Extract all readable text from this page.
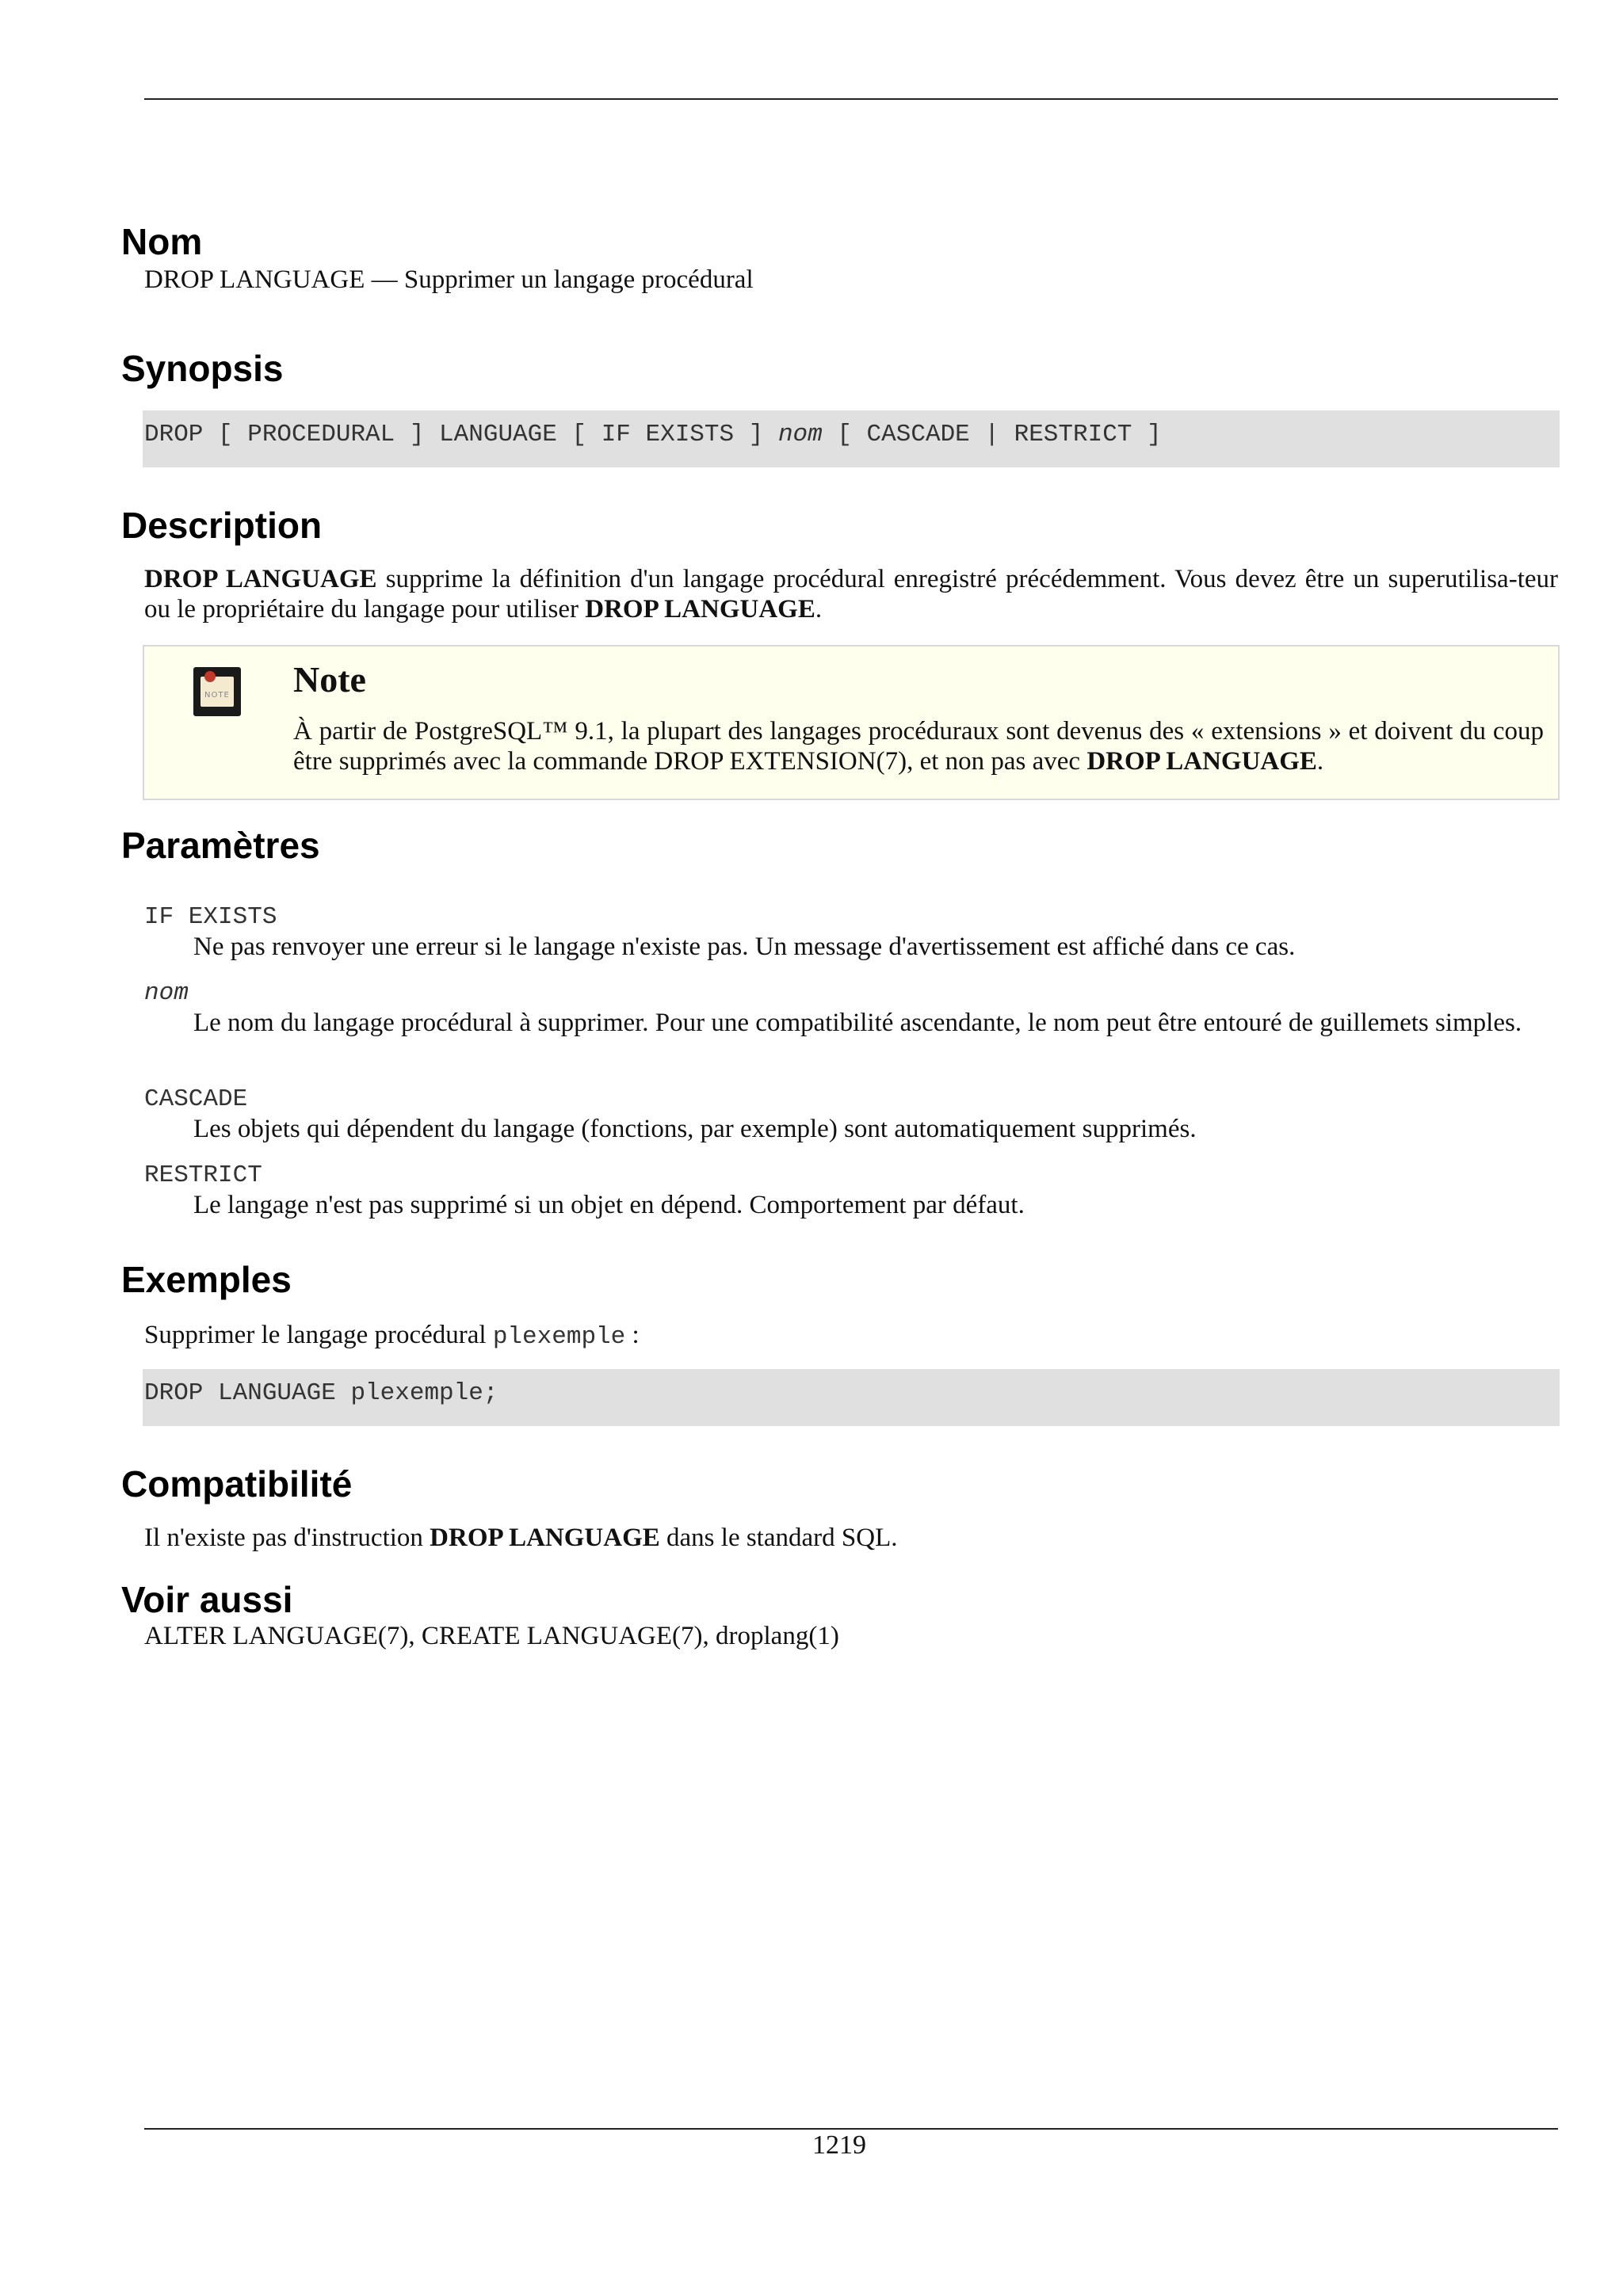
Nom

DROP LANGUAGE — Supprimer un langage procédural

Synopsis
DROP [ PROCEDURAL ] LANGUAGE [ IF EXISTS ] nom [ CASCADE | RESTRICT ]
Description

DROP LANGUAGE supprime la définition d'un langage procédural enregistré précédemment. Vous devez être un superutilisa-teur ou le propriétaire du langage pour utiliser DROP LANGUAGE.

NOTE Note

À partir de PostgreSQL™ 9.1, la plupart des langages procéduraux sont devenus des « extensions » et doivent du coup être supprimés avec la commande DROP EXTENSION(7), et non pas avec DROP LANGUAGE.

Paramètres
IF EXISTS

Ne pas renvoyer une erreur si le langage n'existe pas. Un message d'avertissement est affiché dans ce cas.

nom

Le nom du langage procédural à supprimer. Pour une compatibilité ascendante, le nom peut être entouré de guillemets simples.

CASCADE

Les objets qui dépendent du langage (fonctions, par exemple) sont automatiquement supprimés.

RESTRICT

Le langage n'est pas supprimé si un objet en dépend. Comportement par défaut.

Exemples

Supprimer le langage procédural plexemple :

DROP LANGUAGE plexemple;
Compatibilité

Il n'existe pas d'instruction DROP LANGUAGE dans le standard SQL.

Voir aussi

ALTER LANGUAGE(7), CREATE LANGUAGE(7), droplang(1)

1219
